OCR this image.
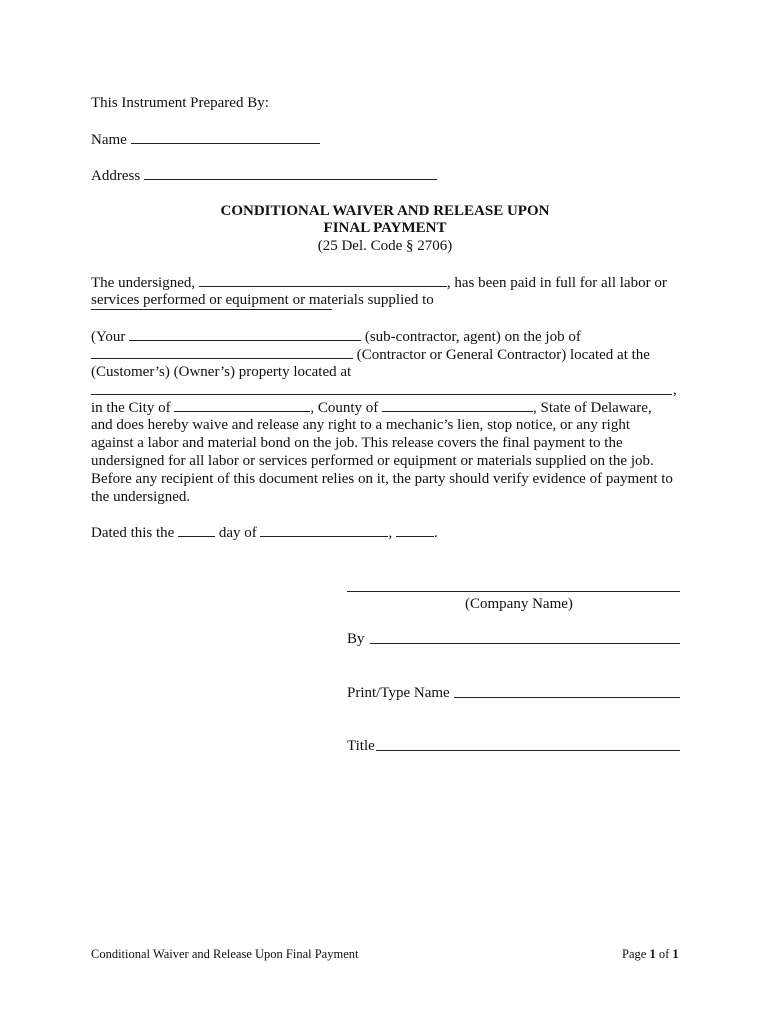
This Instrument Prepared By:
Name
Address
CONDITIONAL WAIVER AND RELEASE UPON
FINAL PAYMENT
(25 Del. Code § 2706)
The undersigned,	, has been paid in full for all labor or
services performed or equipment or materials supplied to
(Your	(sub-contractor, agent) on the job of
(Contractor or General Contractor) located at the
(Customer’s) (Owner’s) property located at
,
in the City of	, County of	, State of Delaware,
and does hereby waive and release any right to a mechanic’s lien, stop notice, or any right
against a labor and material bond on the job. This release covers the final payment to the
undersigned for all labor or services performed or equipment or materials supplied on the job.
Before any recipient of this document relies on it, the party should verify evidence of payment to
the undersigned.
Dated this the	day of	,	.
(Company Name)
By
Print/Type Name
Title
Conditional Waiver and Release Upon Final Payment	Page 1 of 1
